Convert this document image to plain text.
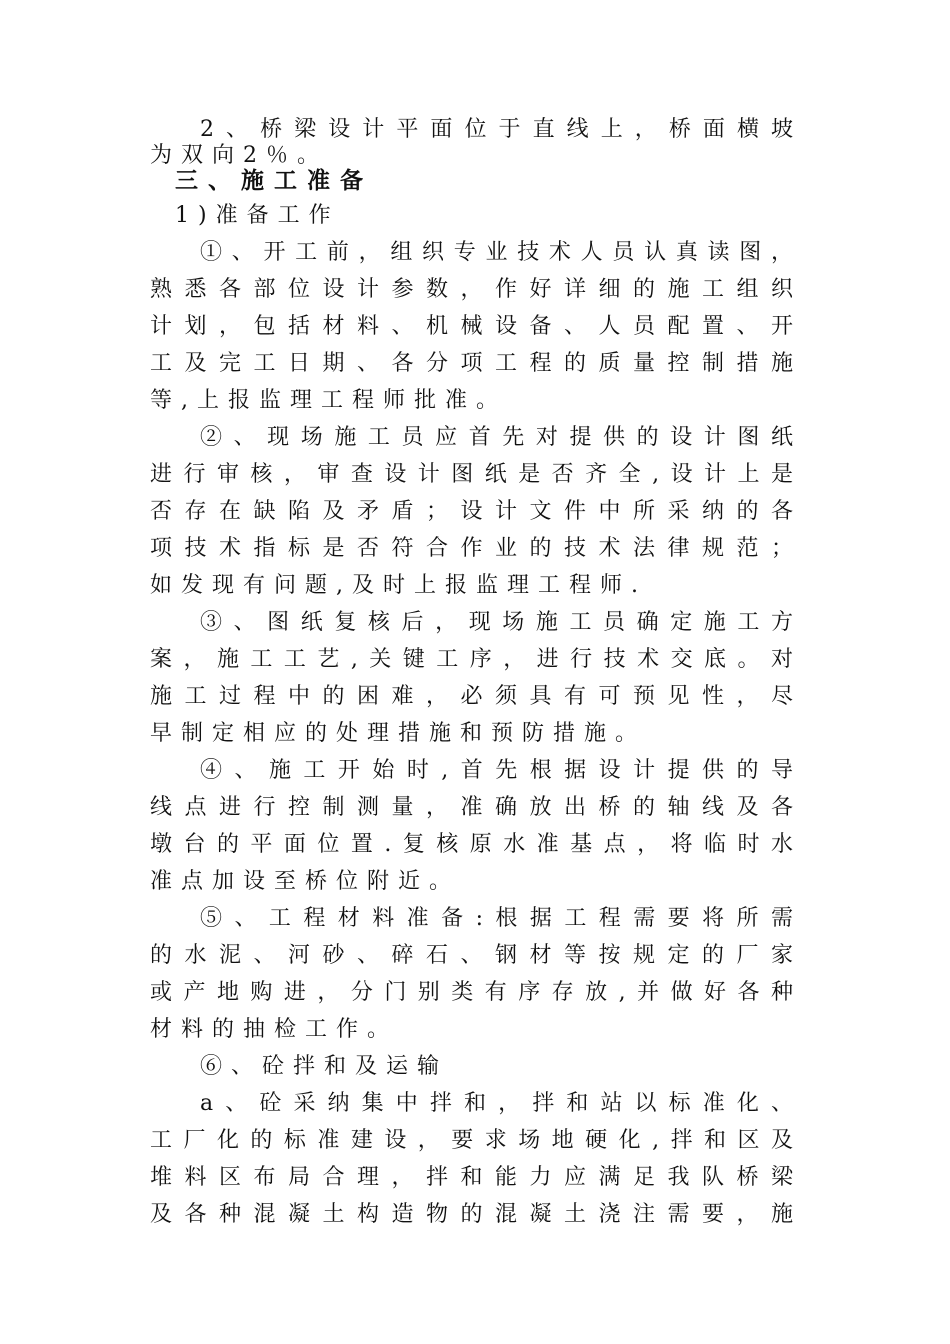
2、桥梁设计平面位于直线上，桥面横坡
为双向2％。
三、施工准备
1)准备工作
①、开工前，组织专业技术人员认真读图，
熟悉各部位设计参数，作好详细的施工组织
计划，包括材料、机械设备、人员配置、开
工及完工日期、各分项工程的质量控制措施
等,上报监理工程师批准。
②、现场施工员应首先对提供的设计图纸
进行审核，审查设计图纸是否齐全,设计上是
否存在缺陷及矛盾；设计文件中所采纳的各
项技术指标是否符合作业的技术法律规范；
如发现有问题,及时上报监理工程师.
③、图纸复核后，现场施工员确定施工方
案，施工工艺,关键工序，进行技术交底。对
施工过程中的困难，必须具有可预见性，尽
早制定相应的处理措施和预防措施。
④、施工开始时,首先根据设计提供的导
线点进行控制测量，准确放出桥的轴线及各
墩台的平面位置.复核原水准基点，将临时水
准点加设至桥位附近。
⑤、工程材料准备:根据工程需要将所需
的水泥、河砂、碎石、钢材等按规定的厂家
或产地购进，分门别类有序存放,并做好各种
材料的抽检工作。
⑥、砼拌和及运输
a、砼采纳集中拌和，拌和站以标准化、
工厂化的标准建设，要求场地硬化,拌和区及
堆料区布局合理，拌和能力应满足我队桥梁
及各种混凝土构造物的混凝土浇注需要，施
